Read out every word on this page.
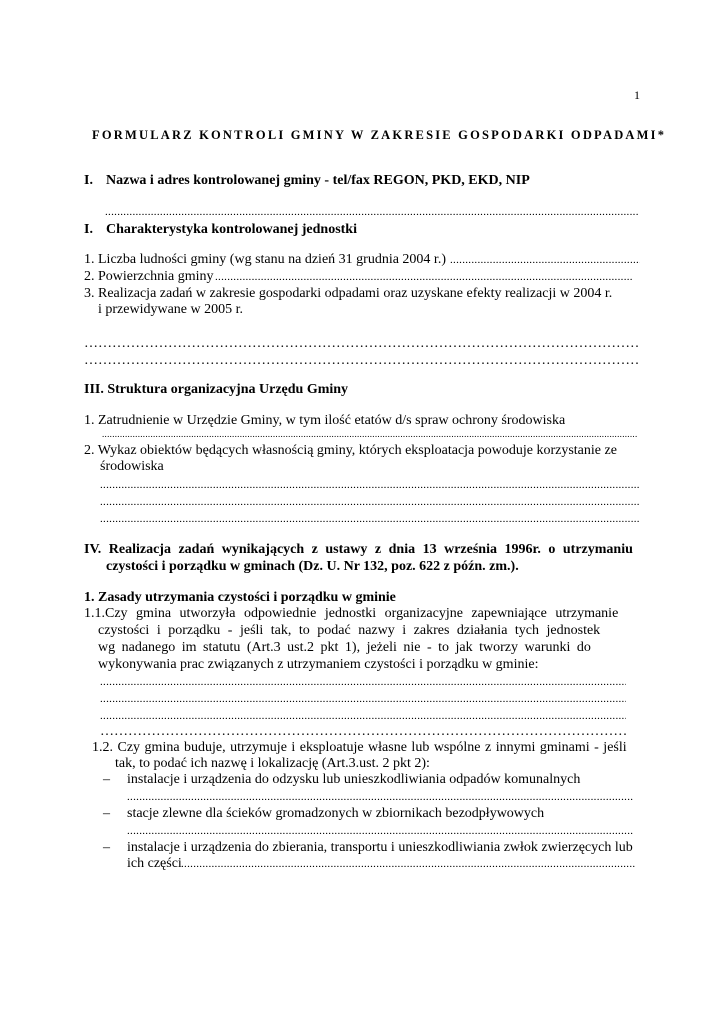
1
FORMULARZ KONTROLI GMINY W ZAKRESIE GOSPODARKI ODPADAMI*
I. Nazwa i adres kontrolowanej gminy - tel/fax REGON, PKD, EKD, NIP
.....
I. Charakterystyka kontrolowanej jednostki
1. Liczba ludności gminy (wg stanu na dzień 31 grudnia 2004 r.)
.....
2. Powierzchnia gminy
.....
3. Realizacja zadań w zakresie gospodarki odpadami oraz uzyskane efekty realizacji w 2004 r.
i przewidywane w 2005 r.
……………………………………………………………………………………………………………………………………
……………………………………………………………………………………………………………………………………
III. Struktura organizacyjna Urzędu Gminy
1. Zatrudnienie w Urzędzie Gminy, w tym ilość etatów d/s spraw ochrony środowiska
.....
2. Wykaz obiektów będących własnością gminy, których eksploatacja powoduje korzystanie ze
środowiska
.....
.....
.....
IV. Realizacja zadań wynikających z ustawy z dnia 13 września 1996r. o utrzymaniu
czystości i porządku w gminach (Dz. U. Nr 132, poz. 622 z późn. zm.).
1. Zasady utrzymania czystości i porządku w gminie
1.1.Czy gmina utworzyła odpowiednie jednostki organizacyjne zapewniające utrzymanie
czystości i porządku - jeśli tak, to podać nazwy i zakres działania tych jednostek
wg nadanego im statutu (Art.3 ust.2 pkt 1), jeżeli nie - to jak tworzy warunki do
wykonywania prac związanych z utrzymaniem czystości i porządku w gminie:
.....
.....
.....
……………………………………………………………………………………………………………………………………
1.2. Czy gmina buduje, utrzymuje i eksploatuje własne lub wspólne z innymi gminami - jeśli
tak, to podać ich nazwę i lokalizację (Art.3.ust. 2 pkt 2):
– instalacje i urządzenia do odzysku lub unieszkodliwiania odpadów komunalnych
.....
– stacje zlewne dla ścieków gromadzonych w zbiornikach bezodpływowych
.....
– instalacje i urządzenia do zbierania, transportu i unieszkodliwiania zwłok zwierzęcych lub
ich części
.....
